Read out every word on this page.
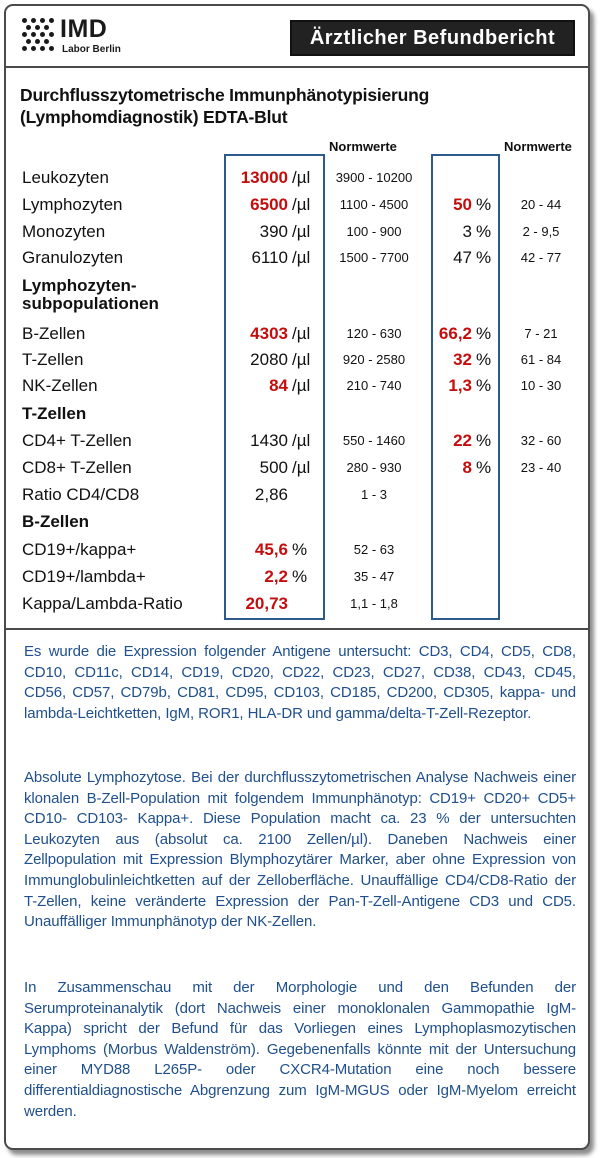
IMD
Labor Berlin
Ärztlicher Befundbericht
Durchflusszytometrische Immunphänotypisierung
(Lymphomdiagnostik) EDTA-Blut
Normwerte	Normwerte
Leukozyten	13000 /µl	3900 - 10200
Lymphozyten	6500 /µl	1100 - 4500	50 %	20 - 44
Monozyten	390 /µl	100 - 900	3 %	2 - 9,5
Granulozyten	6110 /µl	1500 - 7700	47 %	42 - 77
Lymphozyten-
subpopulationen
B-Zellen	4303 /µl	120 - 630	66,2 %	7 - 21
T-Zellen	2080 /µl	920 - 2580	32 %	61 - 84
NK-Zellen	84 /µl	210 - 740	1,3 %	10 - 30
T-Zellen
CD4+ T-Zellen	1430 /µl	550 - 1460	22 %	32 - 60
CD8+ T-Zellen	500 /µl	280 - 930	8 %	23 - 40
Ratio CD4/CD8	2,86	1 - 3
B-Zellen
CD19+/kappa+	45,6 %	52 - 63
CD19+/lambda+	2,2 %	35 - 47
Kappa/Lambda-Ratio	20,73	1,1 - 1,8
Es wurde die Expression folgender Antigene untersucht: CD3, CD4, CD5, CD8, CD10, CD11c, CD14, CD19, CD20, CD22, CD23, CD27, CD38, CD43, CD45, CD56, CD57, CD79b, CD81, CD95, CD103, CD185, CD200, CD305, kappa- und lambda-Leichtketten, IgM, ROR1, HLA-DR und gamma/delta-T-Zell-Rezeptor.
Absolute Lymphozytose. Bei der durchflusszytometrischen Analyse Nachweis einer klonalen B-Zell-Population mit folgendem Immunphänotyp: CD19+ CD20+ CD5+ CD10- CD103- Kappa+. Diese Population macht ca. 23 % der untersuchten Leukozyten aus (absolut ca. 2100 Zellen/µl). Daneben Nachweis einer Zellpopulation mit Expression Blymphozytärer Marker, aber ohne Expression von Immunglobulinleichtketten auf der Zelloberfläche. Unauffällige CD4/CD8-Ratio der T-Zellen, keine veränderte Expression der Pan-T-Zell-Antigene CD3 und CD5. Unauffälliger Immunphänotyp der NK-Zellen.
In Zusammenschau mit der Morphologie und den Befunden der Serumproteinanalytik (dort Nachweis einer monoklonalen Gammopathie IgM-Kappa) spricht der Befund für das Vorliegen eines Lymphoplasmozytischen Lymphoms (Morbus Waldenström). Gegebenenfalls könnte mit der Untersuchung einer MYD88 L265P- oder CXCR4-Mutation eine noch bessere differentialdiagnostische Abgrenzung zum IgM-MGUS oder IgM-Myelom erreicht werden.
